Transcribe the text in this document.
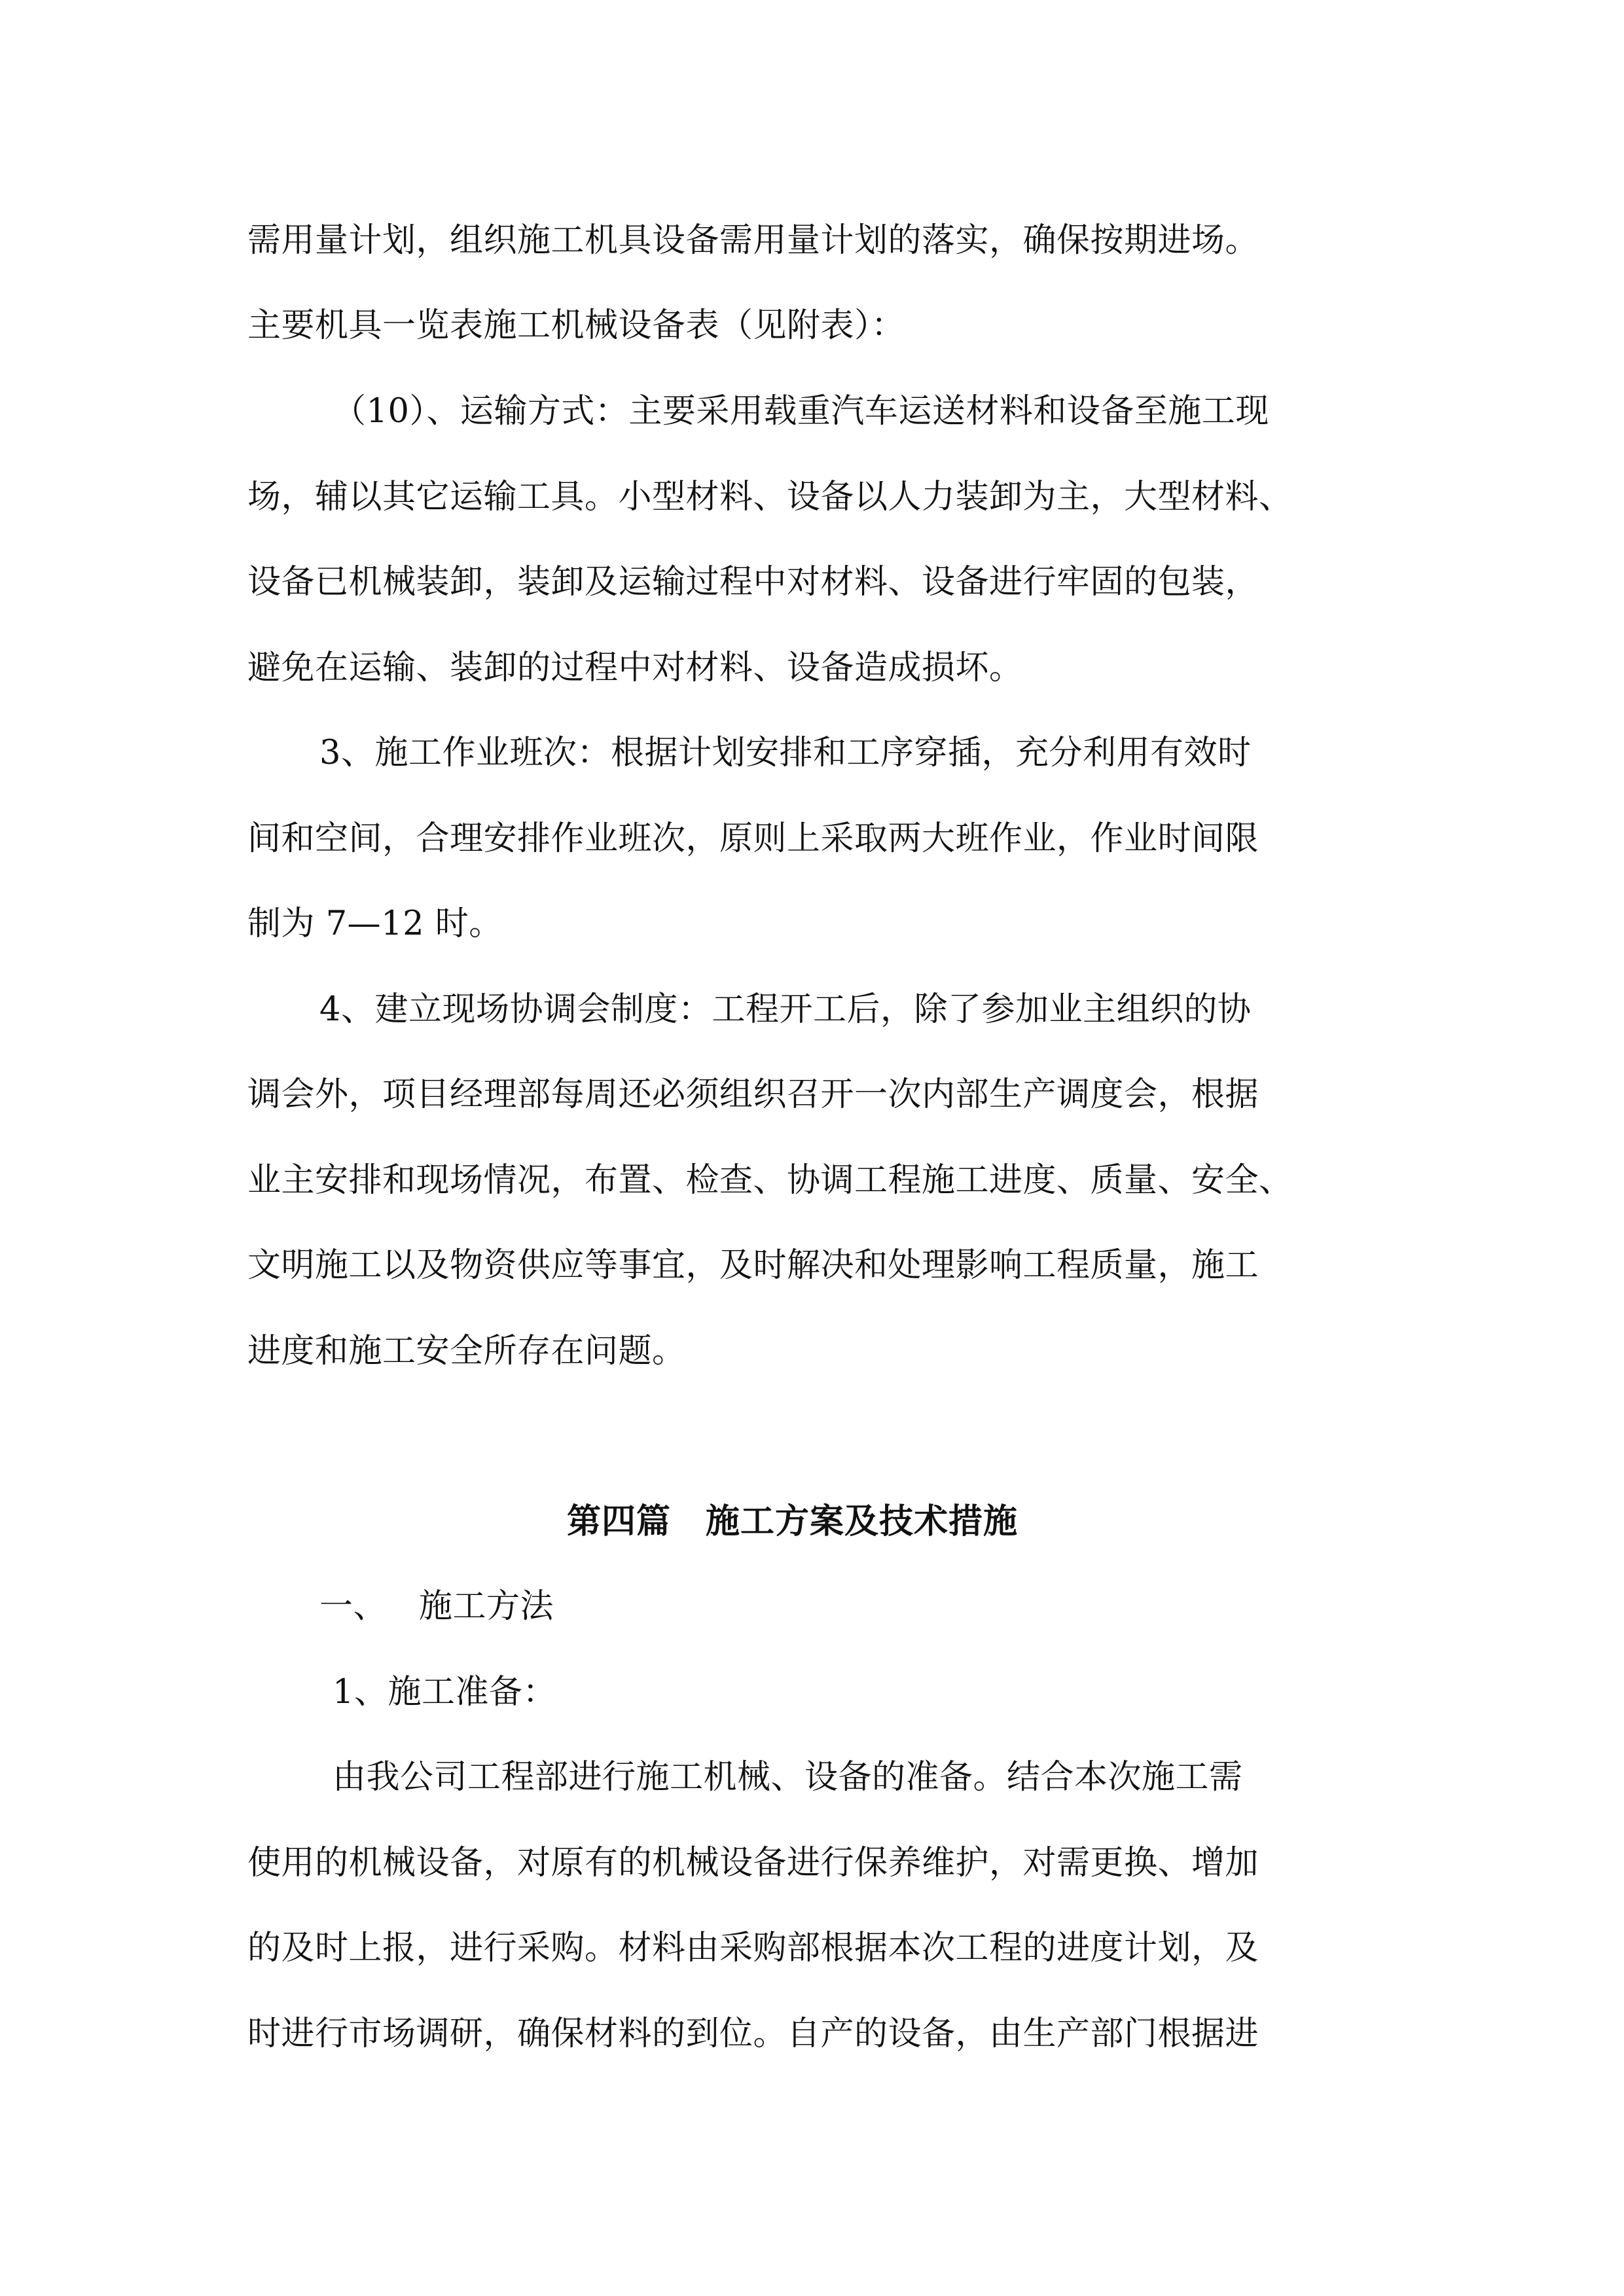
需用量计划，组织施工机具设备需用量计划的落实，确保按期进场。
主要机具一览表施工机械设备表（见附表）：
（10）、运输方式：主要采用载重汽车运送材料和设备至施工现
场，辅以其它运输工具。小型材料、设备以人力装卸为主，大型材料、
设备已机械装卸，装卸及运输过程中对材料、设备进行牢固的包装，
避免在运输、装卸的过程中对材料、设备造成损坏。
3、施工作业班次：根据计划安排和工序穿插，充分利用有效时
间和空间，合理安排作业班次，原则上采取两大班作业，作业时间限
制为 7—12 时。
4、建立现场协调会制度：工程开工后，除了参加业主组织的协
调会外，项目经理部每周还必须组织召开一次内部生产调度会，根据
业主安排和现场情况，布置、检查、协调工程施工进度、质量、安全、
文明施工以及物资供应等事宜，及时解决和处理影响工程质量，施工
进度和施工安全所存在问题。
第四篇　施工方案及技术措施
一、 施工方法
1、施工准备：
由我公司工程部进行施工机械、设备的准备。结合本次施工需
使用的机械设备，对原有的机械设备进行保养维护，对需更换、增加
的及时上报，进行采购。材料由采购部根据本次工程的进度计划，及
时进行市场调研，确保材料的到位。自产的设备，由生产部门根据进
